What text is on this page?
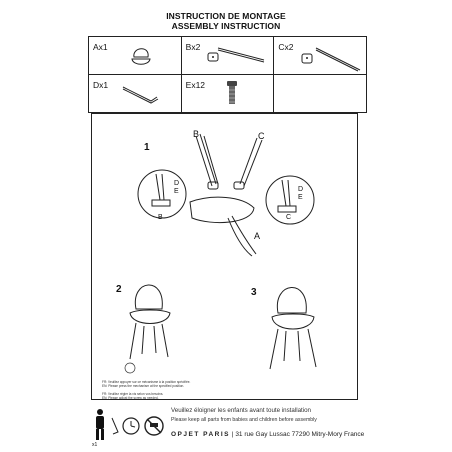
INSTRUCTION DE MONTAGE
ASSEMBLY INSTRUCTION
Ax1	Bx2	Cx2

Dx1	Ex12	

1
B	C
A
D
E
B
D
E
C
2	3
FR: Veuillez appuyer sur ce mécanisme à la position spécifiée.
EN: Please press the mechanism at the specified position.
FR: Veuillez régler la vis selon vos besoins.
EN: Please adjust the screw as needed.
x1
Veuillez éloigner les enfants avant toute installation
Please keep all parts from babies and children before assembly
OPJET PARIS | 31 rue Gay Lussac 77290 Mitry-Mory France
